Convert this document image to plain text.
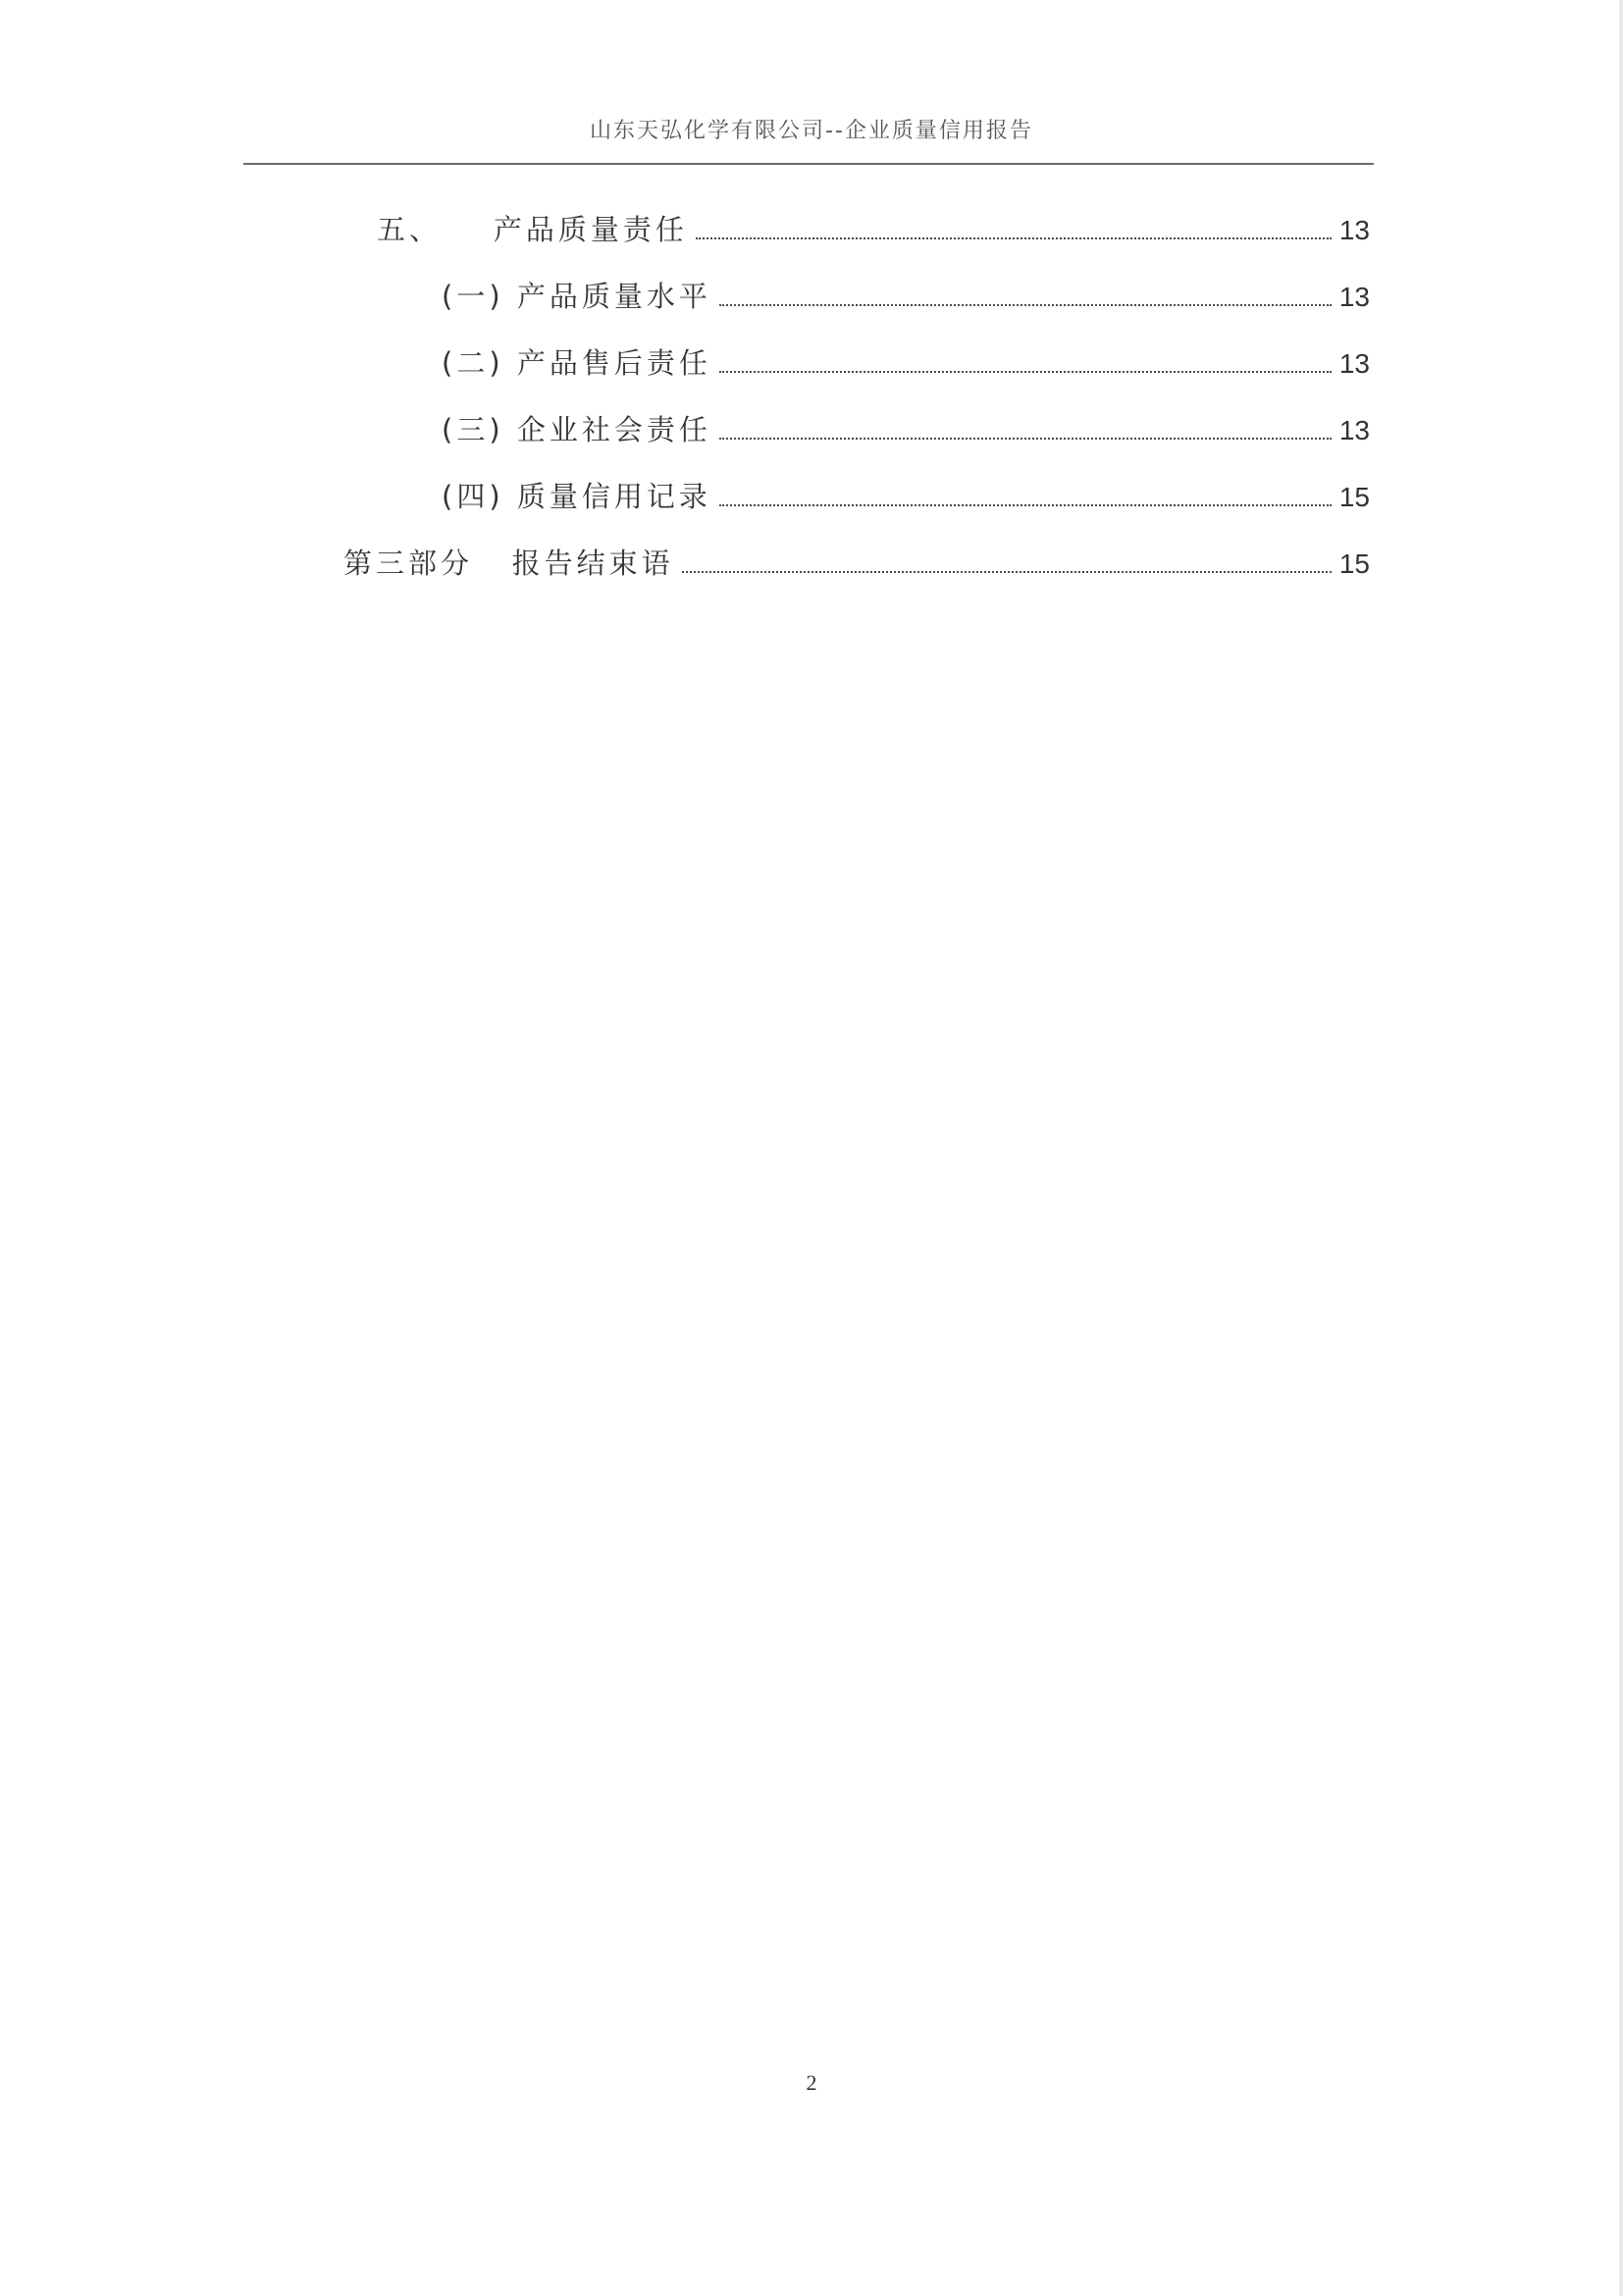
山东天弘化学有限公司--企业质量信用报告
五、    产品质量责任	13
(一) 产品质量水平	13
(二) 产品售后责任	13
(三) 企业社会责任	13
(四) 质量信用记录	15
第三部分   报告结束语	15
2
